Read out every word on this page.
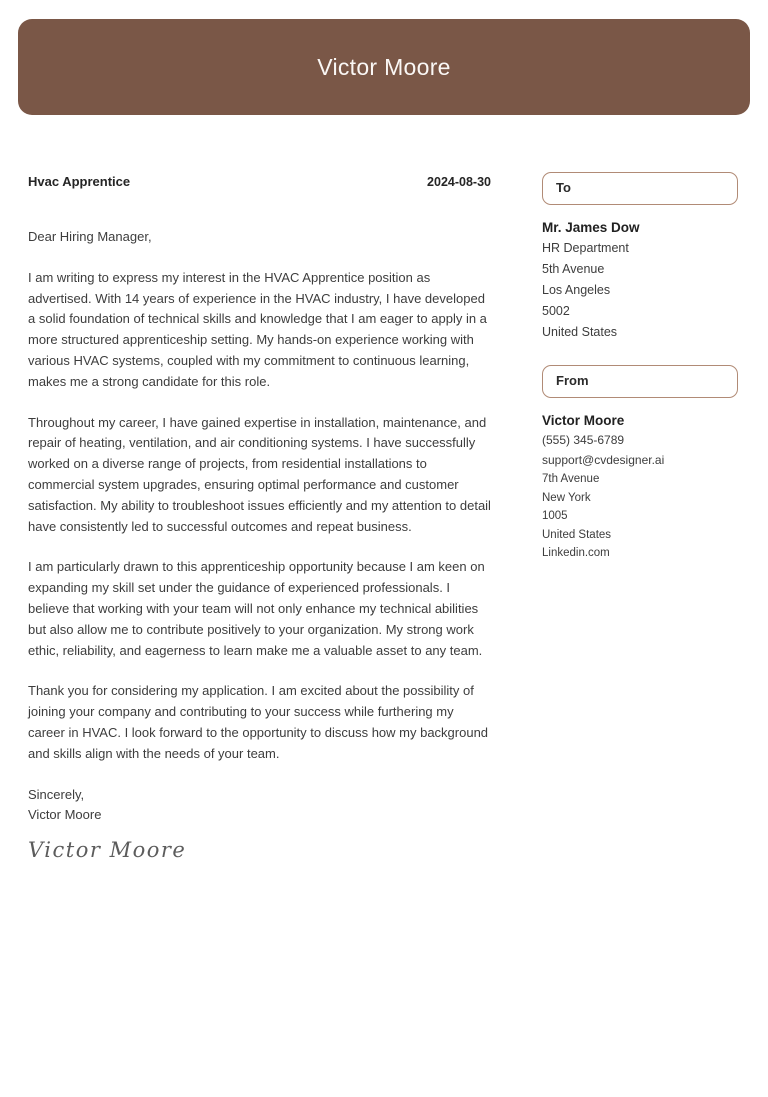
Victor Moore
Hvac Apprentice	2024-08-30
Dear Hiring Manager,

I am writing to express my interest in the HVAC Apprentice position as advertised. With 14 years of experience in the HVAC industry, I have developed a solid foundation of technical skills and knowledge that I am eager to apply in a more structured apprenticeship setting. My hands-on experience working with various HVAC systems, coupled with my commitment to continuous learning, makes me a strong candidate for this role.

Throughout my career, I have gained expertise in installation, maintenance, and repair of heating, ventilation, and air conditioning systems. I have successfully worked on a diverse range of projects, from residential installations to commercial system upgrades, ensuring optimal performance and customer satisfaction. My ability to troubleshoot issues efficiently and my attention to detail have consistently led to successful outcomes and repeat business.

I am particularly drawn to this apprenticeship opportunity because I am keen on expanding my skill set under the guidance of experienced professionals. I believe that working with your team will not only enhance my technical abilities but also allow me to contribute positively to your organization. My strong work ethic, reliability, and eagerness to learn make me a valuable asset to any team.

Thank you for considering my application. I am excited about the possibility of joining your company and contributing to your success while furthering my career in HVAC. I look forward to the opportunity to discuss how my background and skills align with the needs of your team.

Sincerely,
Victor Moore
Victor Moore
To
Mr. James Dow
HR Department
5th Avenue
Los Angeles
5002
United States
From
Victor Moore
(555) 345-6789
support@cvdesigner.ai
7th Avenue
New York
1005
United States
Linkedin.com
